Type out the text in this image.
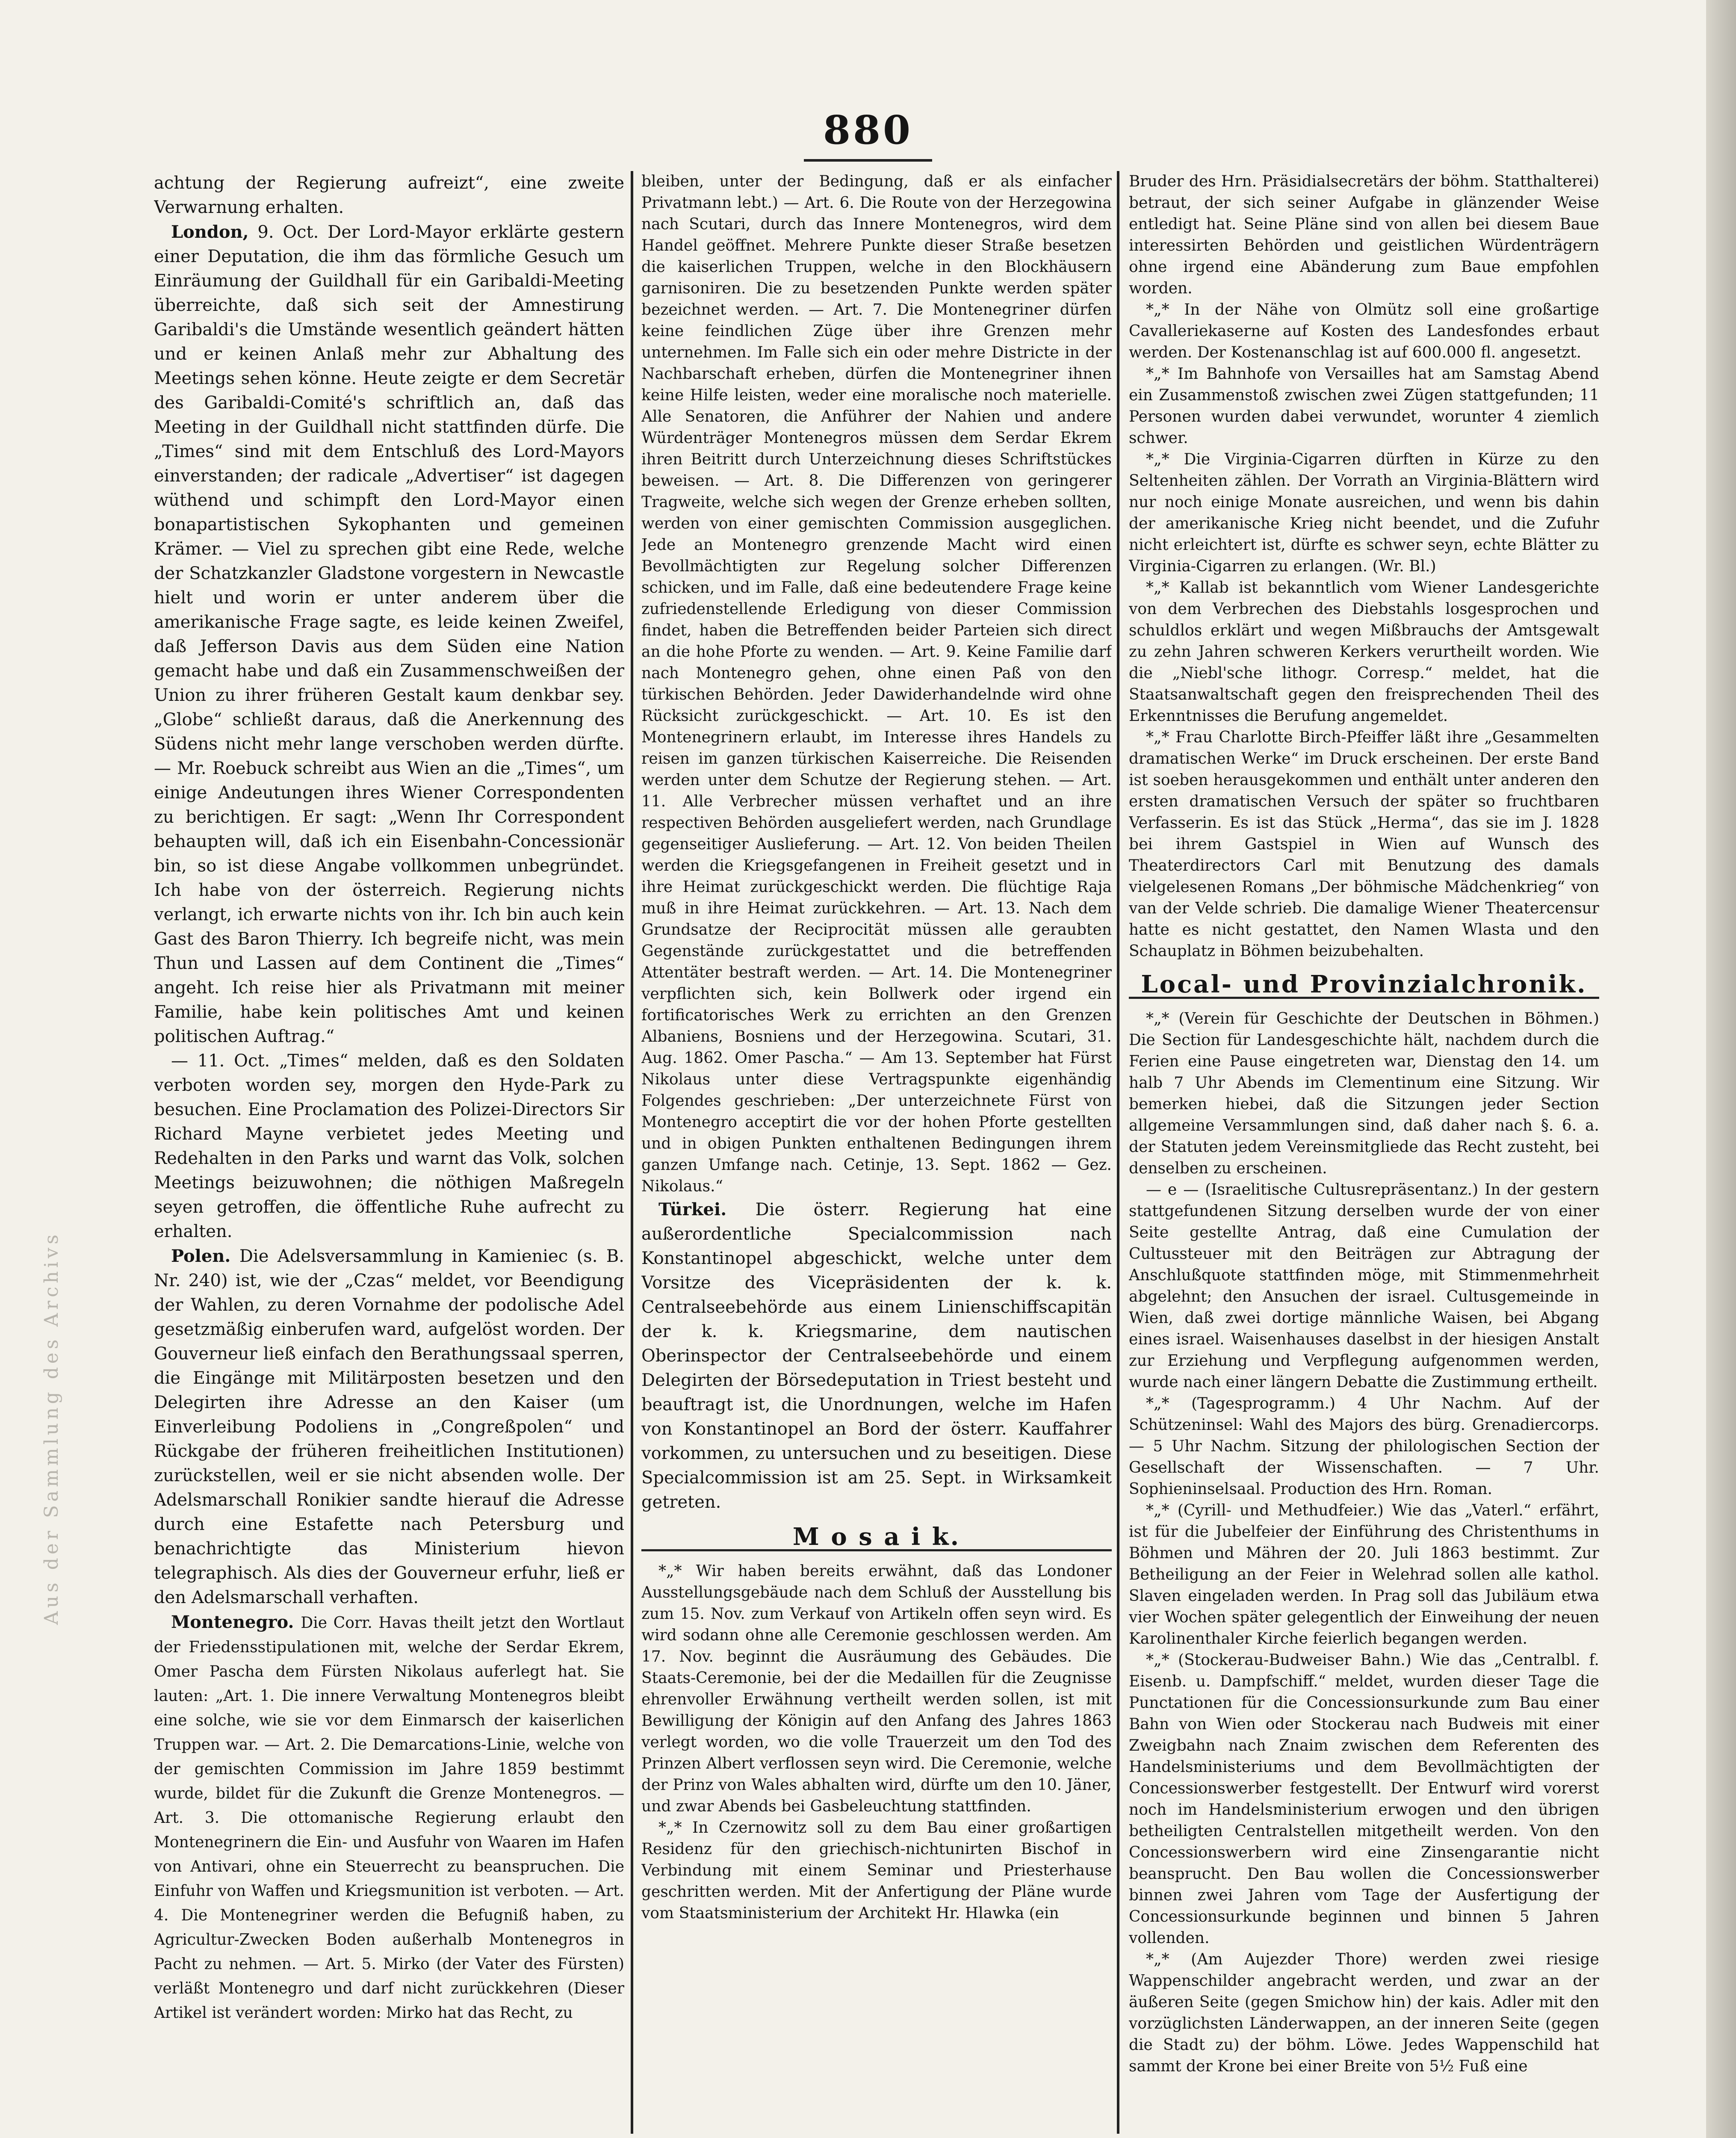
880

achtung der Regierung aufreizt“, eine zweite Verwarnung erhalten.

London, 9. Oct. Der Lord-Mayor erklärte gestern einer Deputation, die ihm das förmliche Gesuch um Einräumung der Guildhall für ein Garibaldi-Meeting überreichte, daß sich seit der Amnestirung Garibaldi's die Umstände wesentlich geändert hätten und er keinen Anlaß mehr zur Abhaltung des Meetings sehen könne. Heute zeigte er dem Secretär des Garibaldi-Comité's schriftlich an, daß das Meeting in der Guildhall nicht stattfinden dürfe. Die „Times“ sind mit dem Entschluß des Lord-Mayors einverstanden; der radicale „Advertiser“ ist dagegen wüthend und schimpft den Lord-Mayor einen bonapartistischen Sykophanten und gemeinen Krämer. — Viel zu sprechen gibt eine Rede, welche der Schatzkanzler Gladstone vorgestern in Newcastle hielt und worin er unter anderem über die amerikanische Frage sagte, es leide keinen Zweifel, daß Jefferson Davis aus dem Süden eine Nation gemacht habe und daß ein Zusammenschweißen der Union zu ihrer früheren Gestalt kaum denkbar sey. „Globe“ schließt daraus, daß die Anerkennung des Südens nicht mehr lange verschoben werden dürfte. — Mr. Roebuck schreibt aus Wien an die „Times“, um einige Andeutungen ihres Wiener Correspondenten zu berichtigen. Er sagt: „Wenn Ihr Correspondent behaupten will, daß ich ein Eisenbahn-Concessionär bin, so ist diese Angabe vollkommen unbegründet. Ich habe von der österreich. Regierung nichts verlangt, ich erwarte nichts von ihr. Ich bin auch kein Gast des Baron Thierry. Ich begreife nicht, was mein Thun und Lassen auf dem Continent die „Times“ angeht. Ich reise hier als Privatmann mit meiner Familie, habe kein politisches Amt und keinen politischen Auftrag.“

— 11. Oct. „Times“ melden, daß es den Soldaten verboten worden sey, morgen den Hyde-Park zu besuchen. Eine Proclamation des Polizei-Directors Sir Richard Mayne verbietet jedes Meeting und Redehalten in den Parks und warnt das Volk, solchen Meetings beizuwohnen; die nöthigen Maßregeln seyen getroffen, die öffentliche Ruhe aufrecht zu erhalten.

Polen. Die Adelsversammlung in Kamieniec (s. B. Nr. 240) ist, wie der „Czas“ meldet, vor Beendigung der Wahlen, zu deren Vornahme der podolische Adel gesetzmäßig einberufen ward, aufgelöst worden. Der Gouverneur ließ einfach den Berathungssaal sperren, die Eingänge mit Militärposten besetzen und den Delegirten ihre Adresse an den Kaiser (um Einverleibung Podoliens in „Congreßpolen“ und Rückgabe der früheren freiheitlichen Institutionen) zurückstellen, weil er sie nicht absenden wolle. Der Adelsmarschall Ronikier sandte hierauf die Adresse durch eine Estafette nach Petersburg und benachrichtigte das Ministerium hievon telegraphisch. Als dies der Gouverneur erfuhr, ließ er den Adelsmarschall verhaften.

Montenegro. Die Corr. Havas theilt jetzt den Wortlaut der Friedensstipulationen mit, welche der Serdar Ekrem, Omer Pascha dem Fürsten Nikolaus auferlegt hat. Sie lauten: „Art. 1. Die innere Verwaltung Montenegros bleibt eine solche, wie sie vor dem Einmarsch der kaiserlichen Truppen war. — Art. 2. Die Demarcations-Linie, welche von der gemischten Commission im Jahre 1859 bestimmt wurde, bildet für die Zukunft die Grenze Montenegros. — Art. 3. Die ottomanische Regierung erlaubt den Montenegrinern die Ein- und Ausfuhr von Waaren im Hafen von Antivari, ohne ein Steuerrecht zu beanspruchen. Die Einfuhr von Waffen und Kriegsmunition ist verboten. — Art. 4. Die Montenegriner werden die Befugniß haben, zu Agricultur-Zwecken Boden außerhalb Montenegros in Pacht zu nehmen. — Art. 5. Mirko (der Vater des Fürsten) verläßt Montenegro und darf nicht zurückkehren (Dieser Artikel ist verändert worden: Mirko hat das Recht, zu

bleiben, unter der Bedingung, daß er als einfacher Privatmann lebt.) — Art. 6. Die Route von der Herzegowina nach Scutari, durch das Innere Montenegros, wird dem Handel geöffnet. Mehrere Punkte dieser Straße besetzen die kaiserlichen Truppen, welche in den Blockhäusern garnisoniren. Die zu besetzenden Punkte werden später bezeichnet werden. — Art. 7. Die Montenegriner dürfen keine feindlichen Züge über ihre Grenzen mehr unternehmen. Im Falle sich ein oder mehre Districte in der Nachbarschaft erheben, dürfen die Montenegriner ihnen keine Hilfe leisten, weder eine moralische noch materielle. Alle Senatoren, die Anführer der Nahien und andere Würdenträger Montenegros müssen dem Serdar Ekrem ihren Beitritt durch Unterzeichnung dieses Schriftstückes beweisen. — Art. 8. Die Differenzen von geringerer Tragweite, welche sich wegen der Grenze erheben sollten, werden von einer gemischten Commission ausgeglichen. Jede an Montenegro grenzende Macht wird einen Bevollmächtigten zur Regelung solcher Differenzen schicken, und im Falle, daß eine bedeutendere Frage keine zufriedenstellende Erledigung von dieser Commission findet, haben die Betreffenden beider Parteien sich direct an die hohe Pforte zu wenden. — Art. 9. Keine Familie darf nach Montenegro gehen, ohne einen Paß von den türkischen Behörden. Jeder Dawiderhandelnde wird ohne Rücksicht zurückgeschickt. — Art. 10. Es ist den Montenegrinern erlaubt, im Interesse ihres Handels zu reisen im ganzen türkischen Kaiserreiche. Die Reisenden werden unter dem Schutze der Regierung stehen. — Art. 11. Alle Verbrecher müssen verhaftet und an ihre respectiven Behörden ausgeliefert werden, nach Grundlage gegenseitiger Auslieferung. — Art. 12. Von beiden Theilen werden die Kriegsgefangenen in Freiheit gesetzt und in ihre Heimat zurückgeschickt werden. Die flüchtige Raja muß in ihre Heimat zurückkehren. — Art. 13. Nach dem Grundsatze der Reciprocität müssen alle geraubten Gegenstände zurückgestattet und die betreffenden Attentäter bestraft werden. — Art. 14. Die Montenegriner verpflichten sich, kein Bollwerk oder irgend ein fortificatorisches Werk zu errichten an den Grenzen Albaniens, Bosniens und der Herzegowina. Scutari, 31. Aug. 1862. Omer Pascha.“ — Am 13. September hat Fürst Nikolaus unter diese Vertragspunkte eigenhändig Folgendes geschrieben: „Der unterzeichnete Fürst von Montenegro acceptirt die vor der hohen Pforte gestellten und in obigen Punkten enthaltenen Bedingungen ihrem ganzen Umfange nach. Cetinje, 13. Sept. 1862 — Gez. Nikolaus.“

Türkei. Die österr. Regierung hat eine außerordentliche Specialcommission nach Konstantinopel abgeschickt, welche unter dem Vorsitze des Vicepräsidenten der k. k. Centralseebehörde aus einem Linienschiffscapitän der k. k. Kriegsmarine, dem nautischen Oberinspector der Centralseebehörde und einem Delegirten der Börsedeputation in Triest besteht und beauftragt ist, die Unordnungen, welche im Hafen von Konstantinopel an Bord der österr. Kauffahrer vorkommen, zu untersuchen und zu beseitigen. Diese Specialcommission ist am 25. Sept. in Wirksamkeit getreten.

M o s a i k.

*„* Wir haben bereits erwähnt, daß das Londoner Ausstellungsgebäude nach dem Schluß der Ausstellung bis zum 15. Nov. zum Verkauf von Artikeln offen seyn wird. Es wird sodann ohne alle Ceremonie geschlossen werden. Am 17. Nov. beginnt die Ausräumung des Gebäudes. Die Staats-Ceremonie, bei der die Medaillen für die Zeugnisse ehrenvoller Erwähnung vertheilt werden sollen, ist mit Bewilligung der Königin auf den Anfang des Jahres 1863 verlegt worden, wo die volle Trauerzeit um den Tod des Prinzen Albert verflossen seyn wird. Die Ceremonie, welche der Prinz von Wales abhalten wird, dürfte um den 10. Jäner, und zwar Abends bei Gasbeleuchtung stattfinden.

*„* In Czernowitz soll zu dem Bau einer großartigen Residenz für den griechisch-nichtunirten Bischof in Verbindung mit einem Seminar und Priesterhause geschritten werden. Mit der Anfertigung der Pläne wurde vom Staatsministerium der Architekt Hr. Hlawka (ein

Bruder des Hrn. Präsidialsecretärs der böhm. Statthalterei) betraut, der sich seiner Aufgabe in glänzender Weise entledigt hat. Seine Pläne sind von allen bei diesem Baue interessirten Behörden und geistlichen Würdenträgern ohne irgend eine Abänderung zum Baue empfohlen worden.

*„* In der Nähe von Olmütz soll eine großartige Cavalleriekaserne auf Kosten des Landesfondes erbaut werden. Der Kostenanschlag ist auf 600.000 fl. angesetzt.

*„* Im Bahnhofe von Versailles hat am Samstag Abend ein Zusammenstoß zwischen zwei Zügen stattgefunden; 11 Personen wurden dabei verwundet, worunter 4 ziemlich schwer.

*„* Die Virginia-Cigarren dürften in Kürze zu den Seltenheiten zählen. Der Vorrath an Virginia-Blättern wird nur noch einige Monate ausreichen, und wenn bis dahin der amerikanische Krieg nicht beendet, und die Zufuhr nicht erleichtert ist, dürfte es schwer seyn, echte Blätter zu Virginia-Cigarren zu erlangen. (Wr. Bl.)

*„* Kallab ist bekanntlich vom Wiener Landesgerichte von dem Verbrechen des Diebstahls losgesprochen und schuldlos erklärt und wegen Mißbrauchs der Amtsgewalt zu zehn Jahren schweren Kerkers verurtheilt worden. Wie die „Niebl'sche lithogr. Corresp.“ meldet, hat die Staatsanwaltschaft gegen den freisprechenden Theil des Erkenntnisses die Berufung angemeldet.

*„* Frau Charlotte Birch-Pfeiffer läßt ihre „Gesammelten dramatischen Werke“ im Druck erscheinen. Der erste Band ist soeben herausgekommen und enthält unter anderen den ersten dramatischen Versuch der später so fruchtbaren Verfasserin. Es ist das Stück „Herma“, das sie im J. 1828 bei ihrem Gastspiel in Wien auf Wunsch des Theaterdirectors Carl mit Benutzung des damals vielgelesenen Romans „Der böhmische Mädchenkrieg“ von van der Velde schrieb. Die damalige Wiener Theatercensur hatte es nicht gestattet, den Namen Wlasta und den Schauplatz in Böhmen beizubehalten.

Local- und Provinzialchronik.

*„* (Verein für Geschichte der Deutschen in Böhmen.) Die Section für Landesgeschichte hält, nachdem durch die Ferien eine Pause eingetreten war, Dienstag den 14. um halb 7 Uhr Abends im Clementinum eine Sitzung. Wir bemerken hiebei, daß die Sitzungen jeder Section allgemeine Versammlungen sind, daß daher nach §. 6. a. der Statuten jedem Vereinsmitgliede das Recht zusteht, bei denselben zu erscheinen.

— e — (Israelitische Cultusrepräsentanz.) In der gestern stattgefundenen Sitzung derselben wurde der von einer Seite gestellte Antrag, daß eine Cumulation der Cultussteuer mit den Beiträgen zur Abtragung der Anschlußquote stattfinden möge, mit Stimmenmehrheit abgelehnt; den Ansuchen der israel. Cultusgemeinde in Wien, daß zwei dortige männliche Waisen, bei Abgang eines israel. Waisenhauses daselbst in der hiesigen Anstalt zur Erziehung und Verpflegung aufgenommen werden, wurde nach einer längern Debatte die Zustimmung ertheilt.

*„* (Tagesprogramm.) 4 Uhr Nachm. Auf der Schützeninsel: Wahl des Majors des bürg. Grenadiercorps. — 5 Uhr Nachm. Sitzung der philologischen Section der Gesellschaft der Wissenschaften. — 7 Uhr. Sophieninselsaal. Production des Hrn. Roman.

*„* (Cyrill- und Methudfeier.) Wie das „Vaterl.“ erfährt, ist für die Jubelfeier der Einführung des Christenthums in Böhmen und Mähren der 20. Juli 1863 bestimmt. Zur Betheiligung an der Feier in Welehrad sollen alle kathol. Slaven eingeladen werden. In Prag soll das Jubiläum etwa vier Wochen später gelegentlich der Einweihung der neuen Karolinenthaler Kirche feierlich begangen werden.

*„* (Stockerau-Budweiser Bahn.) Wie das „Centralbl. f. Eisenb. u. Dampfschiff.“ meldet, wurden dieser Tage die Punctationen für die Concessionsurkunde zum Bau einer Bahn von Wien oder Stockerau nach Budweis mit einer Zweigbahn nach Znaim zwischen dem Referenten des Handelsministeriums und dem Bevollmächtigten der Concessionswerber festgestellt. Der Entwurf wird vorerst noch im Handelsministerium erwogen und den übrigen betheiligten Centralstellen mitgetheilt werden. Von den Concessionswerbern wird eine Zinsengarantie nicht beansprucht. Den Bau wollen die Concessionswerber binnen zwei Jahren vom Tage der Ausfertigung der Concessionsurkunde beginnen und binnen 5 Jahren vollenden.

*„* (Am Aujezder Thore) werden zwei riesige Wappenschilder angebracht werden, und zwar an der äußeren Seite (gegen Smichow hin) der kais. Adler mit den vorzüglichsten Länderwappen, an der inneren Seite (gegen die Stadt zu) der böhm. Löwe. Jedes Wappenschild hat sammt der Krone bei einer Breite von 5½ Fuß eine

Aus der Sammlung des Archivs
